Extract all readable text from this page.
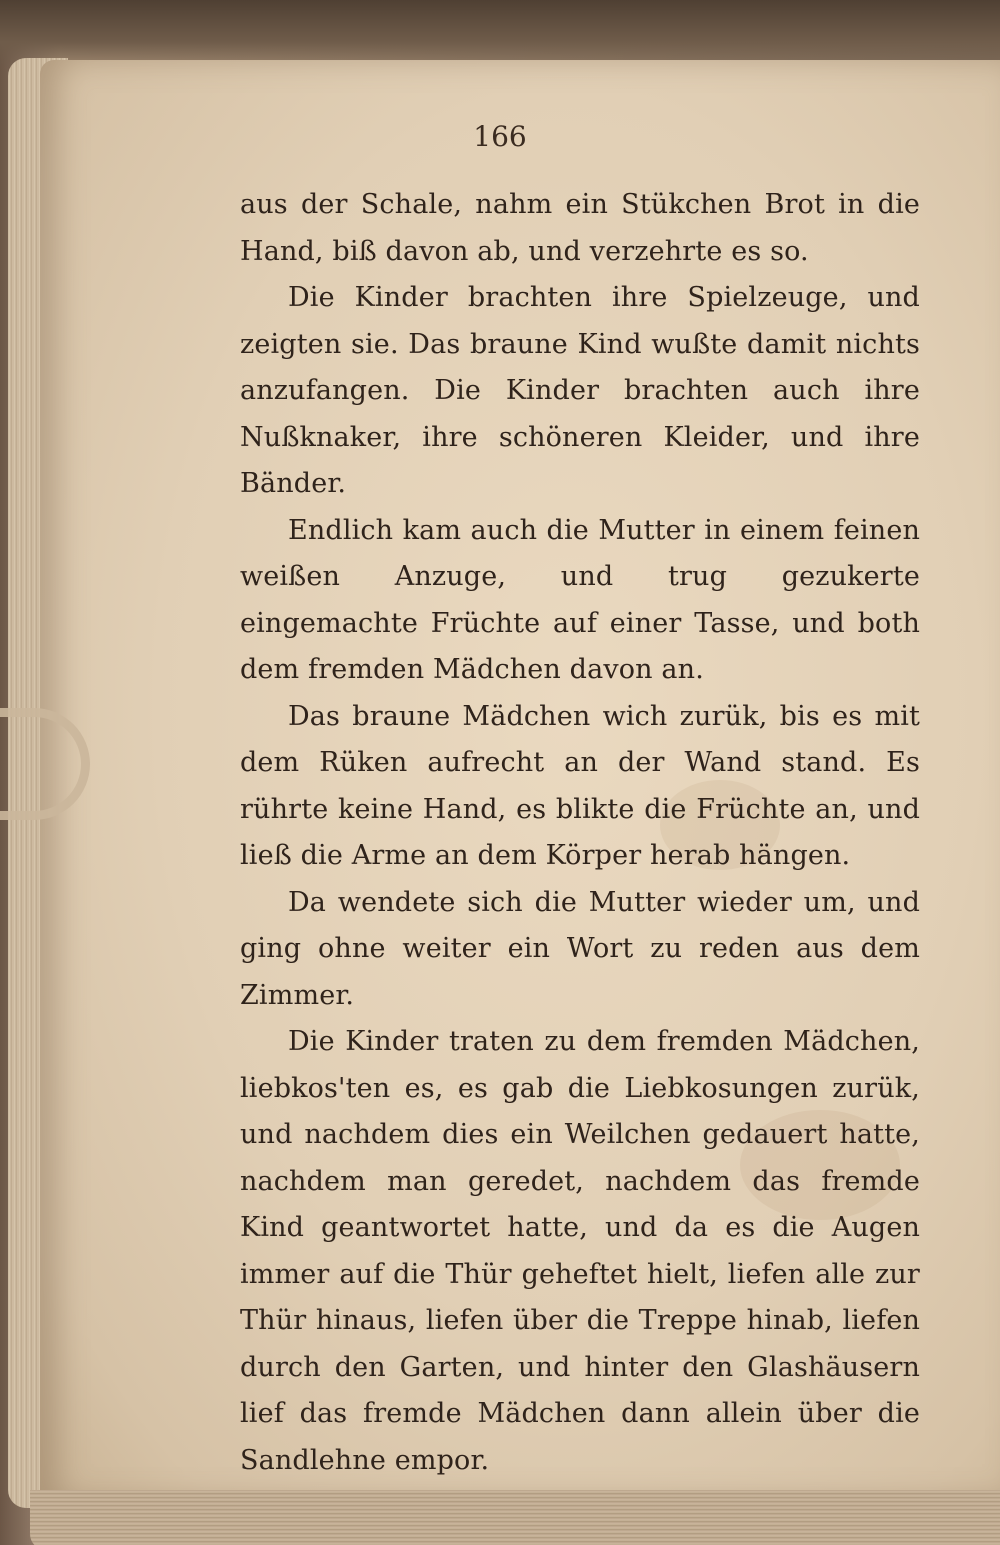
166

aus der Schale, nahm ein Stükchen Brot in die Hand, biß davon ab, und verzehrte es so.

Die Kinder brachten ihre Spielzeuge, und zeigten sie. Das braune Kind wußte damit nichts anzufangen. Die Kinder brachten auch ihre Nußknaker, ihre schöneren Kleider, und ihre Bänder.

Endlich kam auch die Mutter in einem feinen weißen Anzuge, und trug gezukerte eingemachte Früchte auf einer Tasse, und both dem fremden Mädchen davon an.

Das braune Mädchen wich zurük, bis es mit dem Rüken aufrecht an der Wand stand. Es rührte keine Hand, es blikte die Früchte an, und ließ die Arme an dem Körper herab hängen.

Da wendete sich die Mutter wieder um, und ging ohne weiter ein Wort zu reden aus dem Zimmer.

Die Kinder traten zu dem fremden Mädchen, liebkos'ten es, es gab die Liebkosungen zurük, und nachdem dies ein Weilchen gedauert hatte, nachdem man geredet, nachdem das fremde Kind geantwortet hatte, und da es die Augen immer auf die Thür geheftet hielt, liefen alle zur Thür hinaus, liefen über die Treppe hinab, liefen durch den Garten, und hinter den Glashäusern lief das fremde Mädchen dann allein über die Sandlehne empor.
